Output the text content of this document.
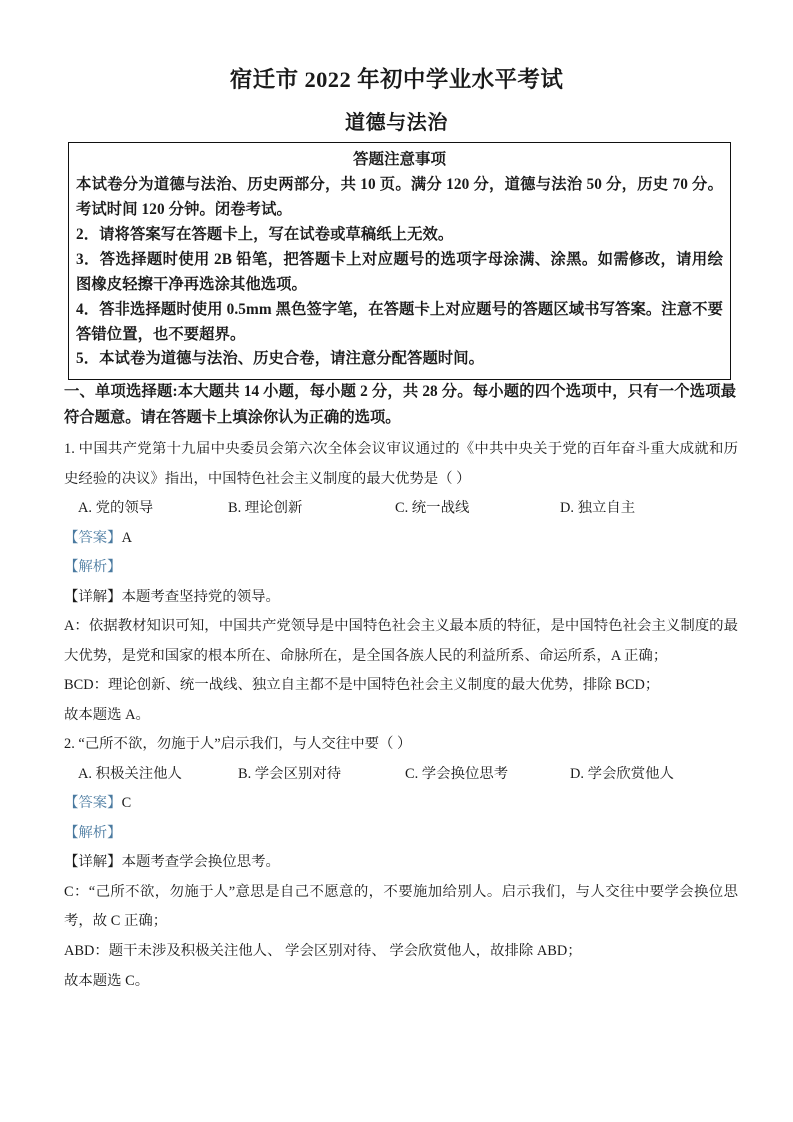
宿迁市 2022 年初中学业水平考试
道德与法治
答题注意事项

本试卷分为道德与法治、历史两部分，共 10 页。满分 120 分，道德与法治 50 分，历史 70 分。考试时间 120 分钟。闭卷考试。

2．请将答案写在答题卡上，写在试卷或草稿纸上无效。

3．答选择题时使用 2B 铅笔，把答题卡上对应题号的选项字母涂满、涂黑。如需修改，请用绘图橡皮轻擦干净再选涂其他选项。

4．答非选择题时使用 0.5mm 黑色签字笔，在答题卡上对应题号的答题区域书写答案。注意不要答错位置，也不要超界。

5．本试卷为道德与法治、历史合卷，请注意分配答题时间。

一、单项选择题:本大题共 14 小题，每小题 2 分，共 28 分。每小题的四个选项中，只有一个选项最符合题意。请在答题卡上填涂你认为正确的选项。

1. 中国共产党第十九届中央委员会第六次全体会议审议通过的《中共中央关于党的百年奋斗重大成就和历史经验的决议》指出，中国特色社会主义制度的最大优势是（ ）

A. 党的领导	B. 理论创新	C. 统一战线	D. 独立自主

【答案】A

【解析】

【详解】本题考查坚持党的领导。

A：依据教材知识可知，中国共产党领导是中国特色社会主义最本质的特征，是中国特色社会主义制度的最大优势，是党和国家的根本所在、命脉所在，是全国各族人民的利益所系、命运所系，A 正确；

BCD：理论创新、统一战线、独立自主都不是中国特色社会主义制度的最大优势，排除 BCD；

故本题选 A。

2. “己所不欲，勿施于人”启示我们，与人交往中要（ ）

A. 积极关注他人	B. 学会区别对待	C. 学会换位思考	D. 学会欣赏他人

【答案】C

【解析】

【详解】本题考查学会换位思考。

C：“己所不欲，勿施于人”意思是自己不愿意的，不要施加给别人。启示我们，与人交往中要学会换位思考，故 C 正确；

ABD：题干未涉及积极关注他人、 学会区别对待、 学会欣赏他人，故排除 ABD；

故本题选 C。
